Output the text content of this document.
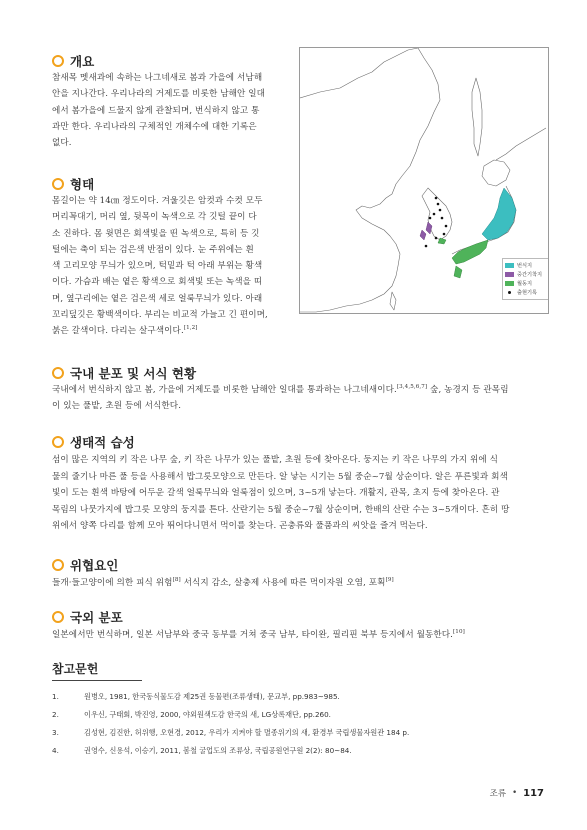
개요
참새목 멧새과에 속하는 나그네새로 봄과 가을에 서남해
안을 지나간다. 우리나라의 거제도를 비롯한 남해안 일대
에서 봄가을에 드물지 않게 관찰되며, 번식하지 않고 통
과만 한다. 우리나라의 구체적인 개체수에 대한 기록은
없다.
형태
몸길이는 약 14㎝ 정도이다. 겨울깃은 암컷과 수컷 모두
머리꼭대기, 머리 옆, 뒷목이 녹색으로 각 깃털 끝이 다
소 진하다. 몸 윗면은 회색빛을 띤 녹색으로, 특히 등 깃
털에는 축이 되는 검은색 반점이 있다. 눈 주위에는 흰
색 고리모양 무늬가 있으며, 턱밑과 턱 아래 부위는 황색
이다. 가슴과 배는 옅은 황색으로 회색빛 또는 녹색을 띠
며, 옆구리에는 옅은 검은색 세로 얼룩무늬가 있다. 아래
꼬리덮깃은 황백색이다. 부리는 비교적 가늘고 긴 편이며,
붉은 갈색이다. 다리는 살구색이다.[1,2]
번식지
중간기착지
월동지
출현기록
국내 분포 및 서식 현황
국내에서 번식하지 않고 봄, 가을에 거제도를 비롯한 남해안 일대를 통과하는 나그네새이다.[3,4,5,6,7] 숲, 농경지 등 관목림
이 있는 풀밭, 초원 등에 서식한다.
생태적 습성
섬이 많은 지역의 키 작은 나무 숲, 키 작은 나무가 있는 풀밭, 초원 등에 찾아온다. 둥지는 키 작은 나무의 가지 위에 식
물의 줄기나 마른 풀 등을 사용해서 밥그릇모양으로 만든다. 알 낳는 시기는 5월 중순~7월 상순이다. 알은 푸른빛과 회색
빛이 도는 흰색 바탕에 어두운 갈색 얼룩무늬와 얼룩점이 있으며, 3~5개 낳는다. 개활지, 관목, 초지 등에 찾아온다. 관
목림의 나뭇가지에 밥그릇 모양의 둥지를 튼다. 산란기는 5월 중순~7월 상순이며, 한배의 산란 수는 3~5개이다. 흔히 땅
위에서 양쪽 다리를 함께 모아 뛰어다니면서 먹이를 찾는다. 곤충류와 풀품과의 씨앗을 즐겨 먹는다.
위협요인
들개·들고양이에 의한 피식 위험[8] 서식지 감소, 살충제 사용에 따른 먹이자원 오염, 포획[9]
국외 분포
일본에서만 번식하며, 일본 서남부와 중국 동부를 거쳐 중국 남부, 타이완, 필리핀 북부 등지에서 월동한다.[10]
참고문헌
1.	원병오, 1981, 한국동식물도감 제25권 동물편(조류생태), 문교부, pp.983~985.
2.	이우신, 구태회, 박진영, 2000, 야외원색도감 한국의 새, LG상록재단, pp.260.
3.	김성현, 김진한, 허위행, 오현경, 2012, 우리가 지켜야 할 멸종위기의 새, 환경부 국립생물자원관 184 p.
4.	권영수, 신용석, 이승기, 2011, 봄철 굴업도의 조류상, 국립공원연구원 2(2): 80~84.
조류 • 117
